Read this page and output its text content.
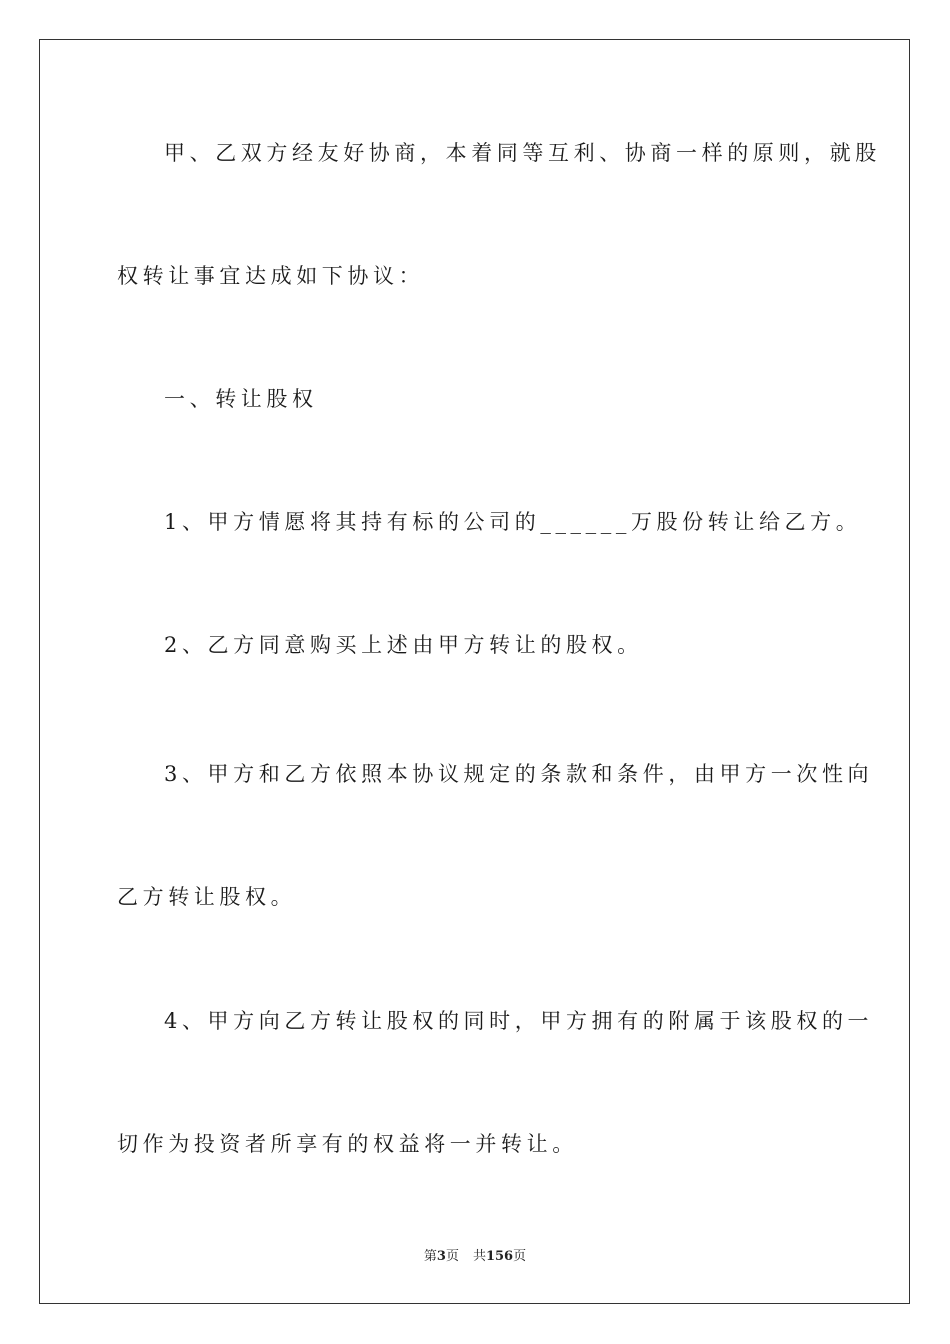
甲、乙双方经友好协商，本着同等互利、协商一样的原则，就股
权转让事宜达成如下协议：
一、转让股权
1、甲方情愿将其持有标的公司的______万股份转让给乙方。
2、乙方同意购买上述由甲方转让的股权。
3、甲方和乙方依照本协议规定的条款和条件，由甲方一次性向
乙方转让股权。
4、甲方向乙方转让股权的同时，甲方拥有的附属于该股权的一
切作为投资者所享有的权益将一并转让。
第3页 共156页
